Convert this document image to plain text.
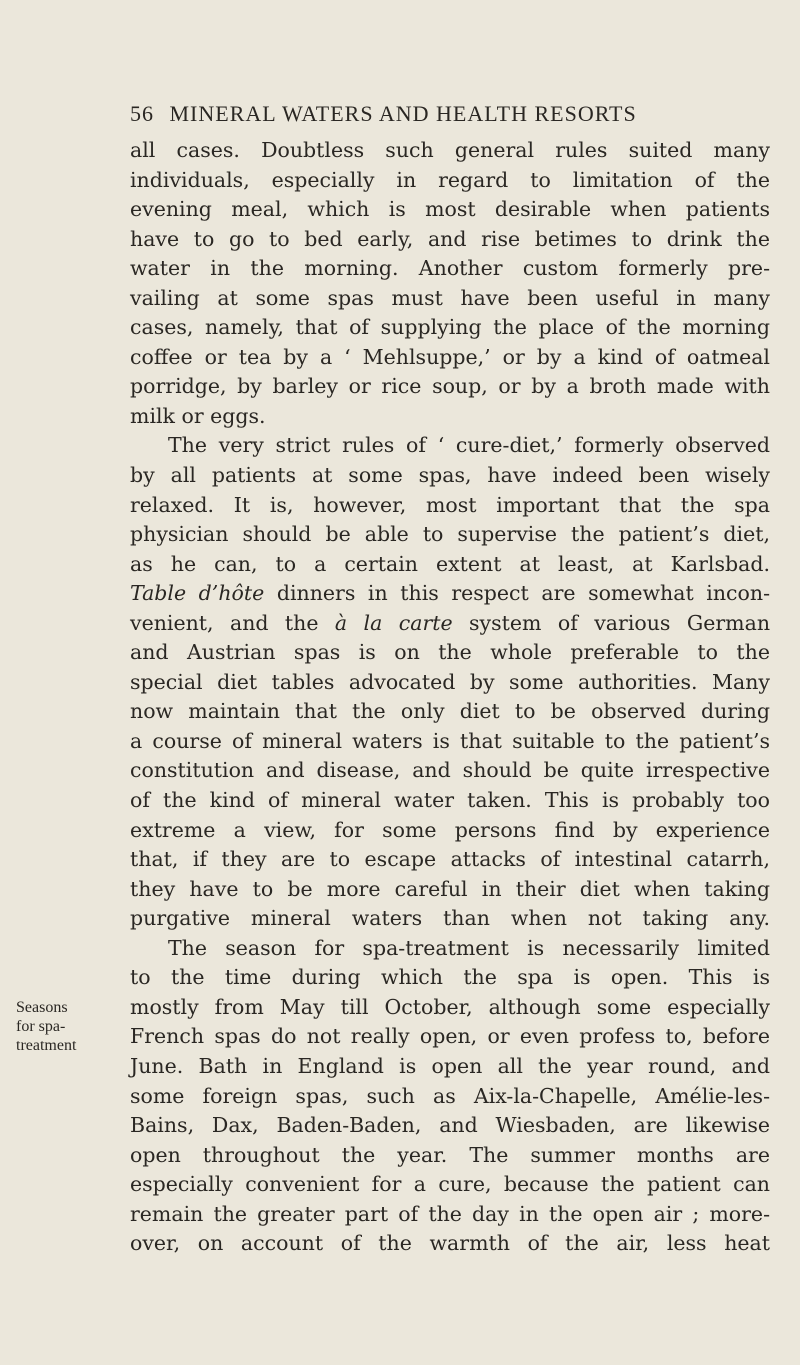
56 MINERAL WATERS AND HEALTH RESORTS
Seasons
for spa-
treatment
all cases. Doubtless such general rules suited many
individuals, especially in regard to limitation of the
evening meal, which is most desirable when patients
have to go to bed early, and rise betimes to drink the
water in the morning. Another custom formerly pre-
vailing at some spas must have been useful in many
cases, namely, that of supplying the place of the morning
coffee or tea by a ‘ Mehlsuppe,’ or by a kind of oatmeal
porridge, by barley or rice soup, or by a broth made with
milk or eggs.
The very strict rules of ‘ cure-diet,’ formerly observed
by all patients at some spas, have indeed been wisely
relaxed. It is, however, most important that the spa
physician should be able to supervise the patient’s diet,
as he can, to a certain extent at least, at Karlsbad.
Table d’hôte dinners in this respect are somewhat incon-
venient, and the à la carte system of various German
and Austrian spas is on the whole preferable to the
special diet tables advocated by some authorities. Many
now maintain that the only diet to be observed during
a course of mineral waters is that suitable to the patient’s
constitution and disease, and should be quite irrespective
of the kind of mineral water taken. This is probably too
extreme a view, for some persons find by experience
that, if they are to escape attacks of intestinal catarrh,
they have to be more careful in their diet when taking
purgative mineral waters than when not taking any.
The season for spa-treatment is necessarily limited
to the time during which the spa is open. This is
mostly from May till October, although some especially
French spas do not really open, or even profess to, before
June. Bath in England is open all the year round, and
some foreign spas, such as Aix-la-Chapelle, Amélie-les-
Bains, Dax, Baden-Baden, and Wiesbaden, are likewise
open throughout the year. The summer months are
especially convenient for a cure, because the patient can
remain the greater part of the day in the open air ; more-
over, on account of the warmth of the air, less heat
